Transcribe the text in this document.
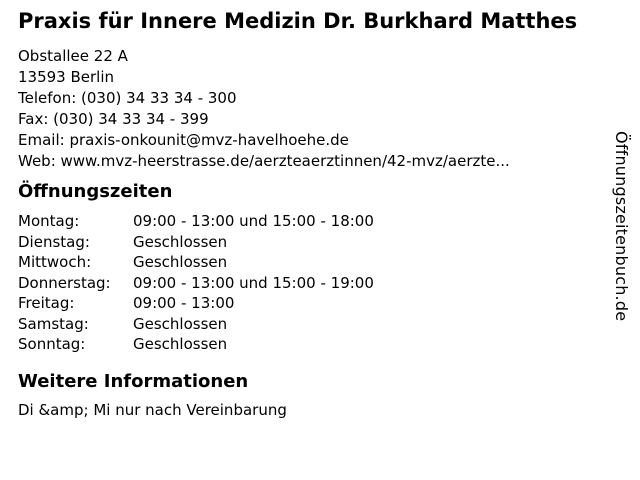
Praxis für Innere Medizin Dr. Burkhard Matthes
Obstallee 22 A
13593 Berlin
Telefon: (030) 34 33 34 - 300
Fax: (030) 34 33 34 - 399
Email: praxis-onkounit@mvz-havelhoehe.de
Web: www.mvz-heerstrasse.de/aerzteaerztinnen/42-mvz/aerzte...
Öffnungszeiten
Montag:	09:00 - 13:00 und 15:00 - 18:00
Dienstag:	Geschlossen
Mittwoch:	Geschlossen
Donnerstag:	09:00 - 13:00 und 15:00 - 19:00
Freitag:	09:00 - 13:00
Samstag:	Geschlossen
Sonntag:	Geschlossen
Weitere Informationen

Di &amp; Mi nur nach Vereinbarung

Öffnungszeitenbuch.de
